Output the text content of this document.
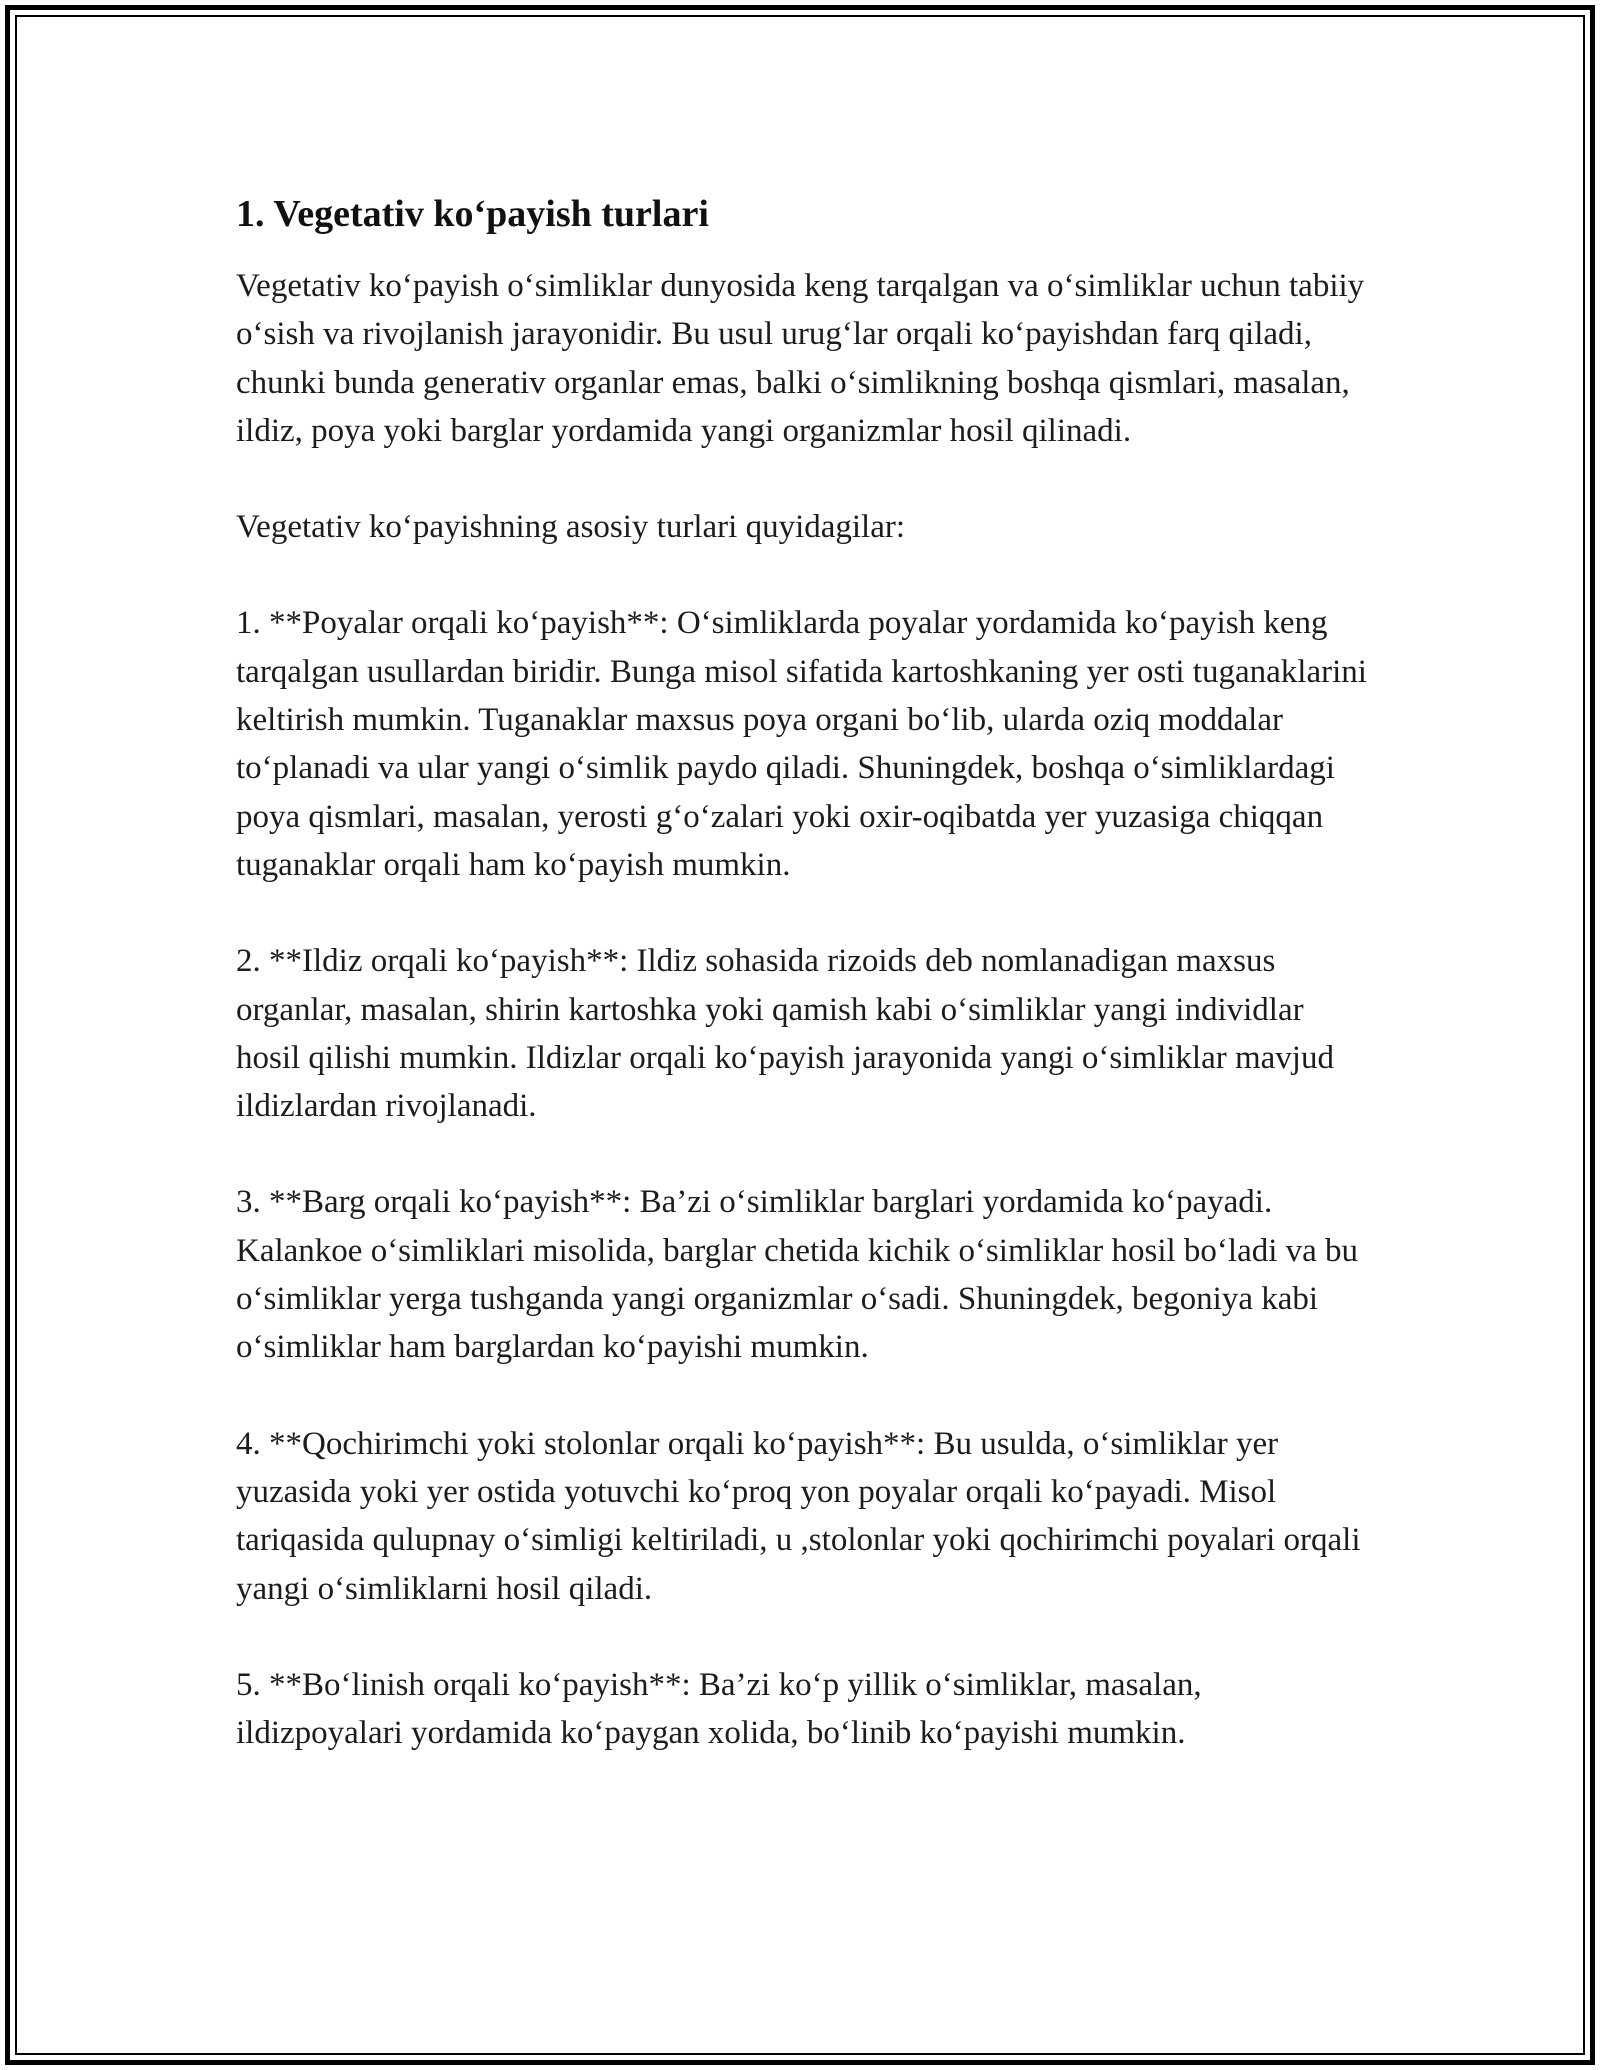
1. Vegetativ ko‘payish turlari

Vegetativ ko‘payish o‘simliklar dunyosida keng tarqalgan va o‘simliklar uchun tabiiy o‘sish va rivojlanish jarayonidir. Bu usul urug‘lar orqali ko‘payishdan farq qiladi, chunki bunda generativ organlar emas, balki o‘simlikning boshqa qismlari, masalan, ildiz, poya yoki barglar yordamida yangi organizmlar hosil qilinadi.

Vegetativ ko‘payishning asosiy turlari quyidagilar:

1. **Poyalar orqali ko‘payish**: O‘simliklarda poyalar yordamida ko‘payish keng tarqalgan usullardan biridir. Bunga misol sifatida kartoshkaning yer osti tuganaklarini keltirish mumkin. Tuganaklar maxsus poya organi bo‘lib, ularda oziq moddalar to‘planadi va ular yangi o‘simlik paydo qiladi. Shuningdek, boshqa o‘simliklardagi poya qismlari, masalan, yerosti g‘o‘zalari yoki oxir-oqibatda yer yuzasiga chiqqan tuganaklar orqali ham ko‘payish mumkin.

2. **Ildiz orqali ko‘payish**: Ildiz sohasida rizoids deb nomlanadigan maxsus organlar, masalan, shirin kartoshka yoki qamish kabi o‘simliklar yangi individlar hosil qilishi mumkin. Ildizlar orqali ko‘payish jarayonida yangi o‘simliklar mavjud ildizlardan rivojlanadi.

3. **Barg orqali ko‘payish**: Ba’zi o‘simliklar barglari yordamida ko‘payadi. Kalankoe o‘simliklari misolida, barglar chetida kichik o‘simliklar hosil bo‘ladi va bu o‘simliklar yerga tushganda yangi organizmlar o‘sadi. Shuningdek, begoniya kabi o‘simliklar ham barglardan ko‘payishi mumkin.

4. **Qochirimchi yoki stolonlar orqali ko‘payish**: Bu usulda, o‘simliklar yer yuzasida yoki yer ostida yotuvchi ko‘proq yon poyalar orqali ko‘payadi. Misol tariqasida qulupnay o‘simligi keltiriladi, u ,stolonlar yoki qochirimchi poyalari orqali yangi o‘simliklarni hosil qiladi.

5. **Bo‘linish orqali ko‘payish**: Ba’zi ko‘p yillik o‘simliklar, masalan, ildizpoyalari yordamida ko‘paygan xolida, bo‘linib ko‘payishi mumkin.
